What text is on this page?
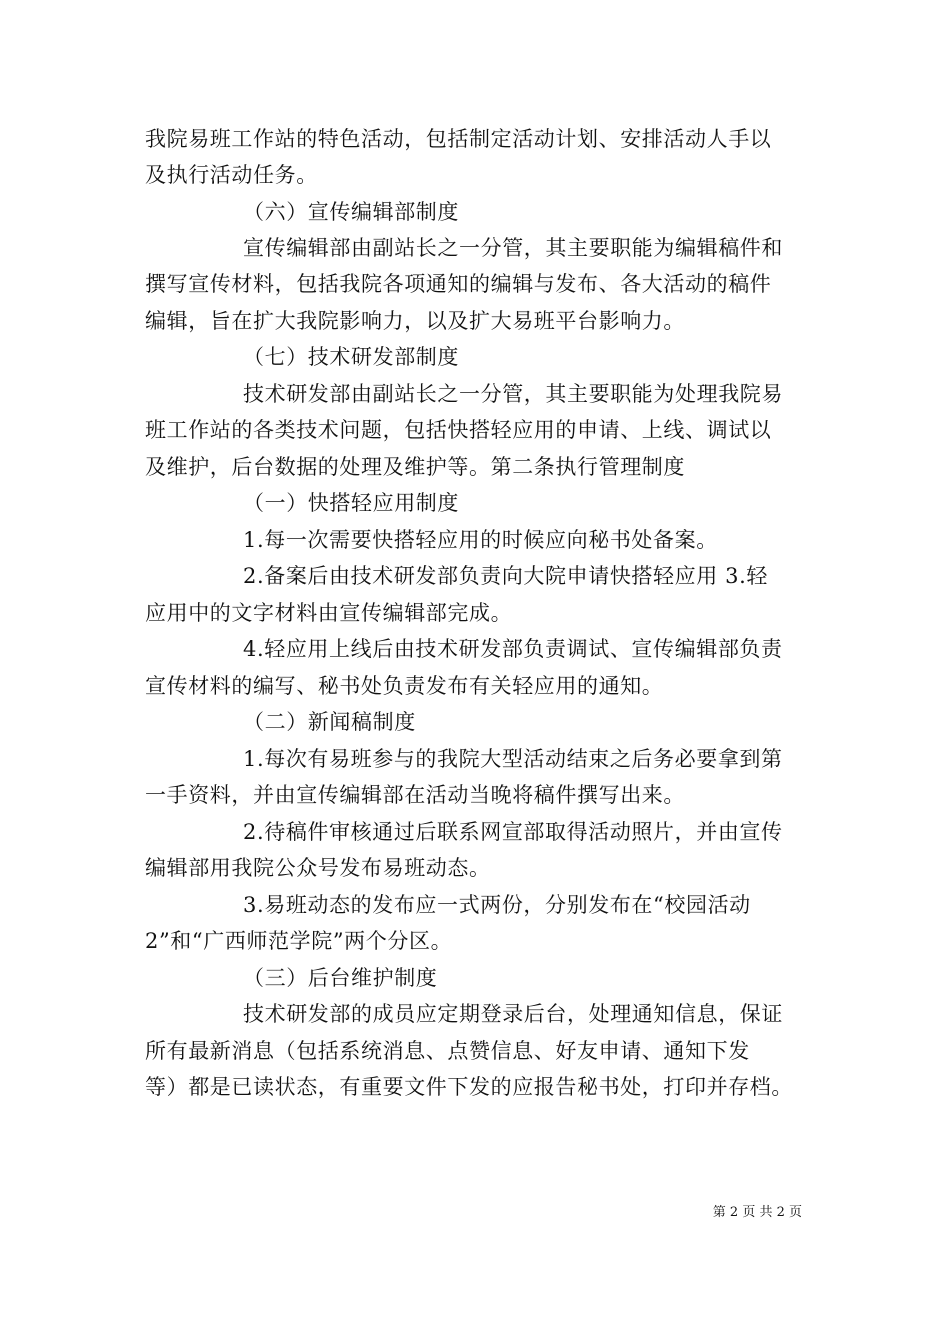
我院易班工作站的特色活动，包括制定活动计划、安排活动人手以
及执行活动任务。
（六）宣传编辑部制度
宣传编辑部由副站长之一分管，其主要职能为编辑稿件和
撰写宣传材料，包括我院各项通知的编辑与发布、各大活动的稿件
编辑，旨在扩大我院影响力，以及扩大易班平台影响力。
（七）技术研发部制度
技术研发部由副站长之一分管，其主要职能为处理我院易
班工作站的各类技术问题，包括快搭轻应用的申请、上线、调试以
及维护，后台数据的处理及维护等。第二条执行管理制度
（一）快搭轻应用制度
1.每一次需要快搭轻应用的时候应向秘书处备案。
2.备案后由技术研发部负责向大院申请快搭轻应用 3.轻
应用中的文字材料由宣传编辑部完成。
4.轻应用上线后由技术研发部负责调试、宣传编辑部负责
宣传材料的编写、秘书处负责发布有关轻应用的通知。
（二）新闻稿制度
1.每次有易班参与的我院大型活动结束之后务必要拿到第
一手资料，并由宣传编辑部在活动当晚将稿件撰写出来。
2.待稿件审核通过后联系网宣部取得活动照片，并由宣传
编辑部用我院公众号发布易班动态。
3.易班动态的发布应一式两份，分别发布在“校园活动
2”和“广西师范学院”两个分区。
（三）后台维护制度
技术研发部的成员应定期登录后台，处理通知信息，保证
所有最新消息（包括系统消息、点赞信息、好友申请、通知下发
等）都是已读状态，有重要文件下发的应报告秘书处，打印并存档。
第 2 页 共 2 页
